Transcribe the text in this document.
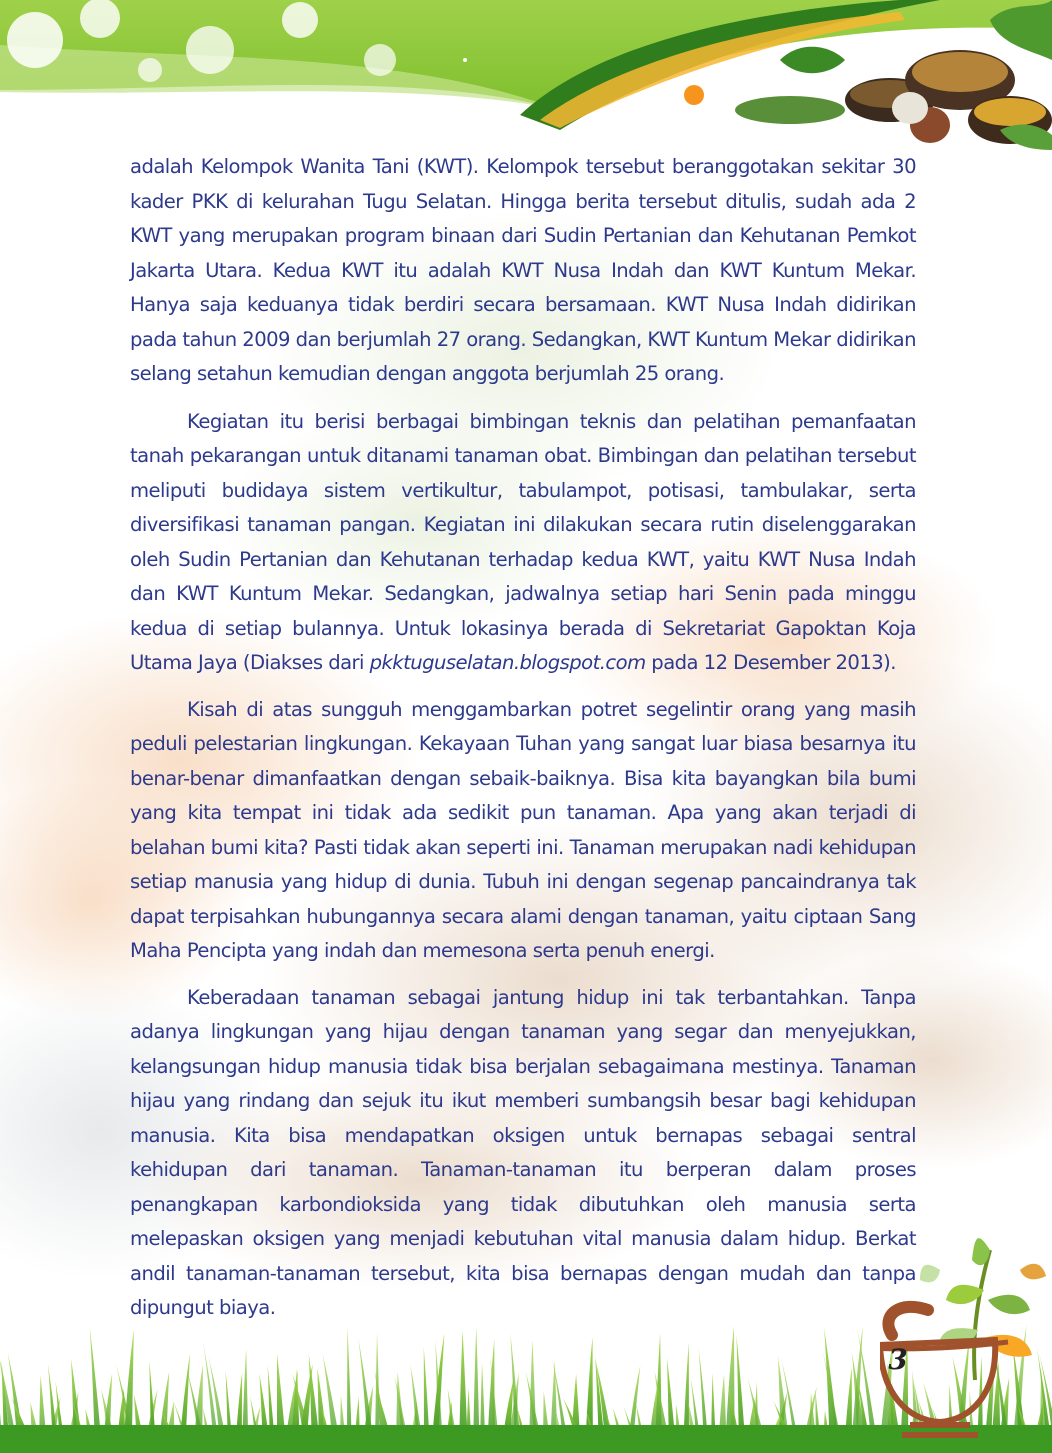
adalah Kelompok Wanita Tani (KWT). Kelompok tersebut beranggotakan sekitar 30 kader PKK di kelurahan Tugu Selatan. Hingga berita tersebut ditulis, sudah ada 2 KWT yang merupakan program binaan dari Sudin Pertanian dan Kehutanan Pemkot Jakarta Utara. Kedua KWT itu adalah KWT Nusa Indah dan KWT Kuntum Mekar. Hanya saja keduanya tidak berdiri secara bersamaan. KWT Nusa Indah didirikan pada tahun 2009 dan berjumlah 27 orang. Sedangkan, KWT Kuntum Mekar didirikan selang setahun kemudian dengan anggota berjumlah 25 orang.

Kegiatan itu berisi berbagai bimbingan teknis dan pelatihan pemanfaatan tanah pekarangan untuk ditanami tanaman obat. Bimbingan dan pelatihan tersebut meliputi budidaya sistem vertikultur, tabulampot, potisasi, tambulakar, serta diversifikasi tanaman pangan. Kegiatan ini dilakukan secara rutin diselenggarakan oleh Sudin Pertanian dan Kehutanan terhadap kedua KWT, yaitu KWT Nusa Indah dan KWT Kuntum Mekar. Sedangkan, jadwalnya setiap hari Senin pada minggu kedua di setiap bulannya. Untuk lokasinya berada di Sekretariat Gapoktan Koja Utama Jaya (Diakses dari pkktuguselatan.blogspot.com pada 12 Desember 2013).

Kisah di atas sungguh menggambarkan potret segelintir orang yang masih peduli pelestarian lingkungan. Kekayaan Tuhan yang sangat luar biasa besarnya itu benar-benar dimanfaatkan dengan sebaik-baiknya. Bisa kita bayangkan bila bumi yang kita tempat ini tidak ada sedikit pun tanaman. Apa yang akan terjadi di belahan bumi kita? Pasti tidak akan seperti ini. Tanaman merupakan nadi kehidupan setiap manusia yang hidup di dunia. Tubuh ini dengan segenap pancaindranya tak dapat terpisahkan hubungannya secara alami dengan tanaman, yaitu ciptaan Sang Maha Pencipta yang indah dan memesona serta penuh energi.

Keberadaan tanaman sebagai jantung hidup ini tak terbantahkan. Tanpa adanya lingkungan yang hijau dengan tanaman yang segar dan menyejukkan, kelangsungan hidup manusia tidak bisa berjalan sebagaimana mestinya. Tanaman hijau yang rindang dan sejuk itu ikut memberi sumbangsih besar bagi kehidupan manusia. Kita bisa mendapatkan oksigen untuk bernapas sebagai sentral kehidupan dari tanaman. Tanaman-tanaman itu berperan dalam proses penangkapan karbondioksida yang tidak dibutuhkan oleh manusia serta melepaskan oksigen yang menjadi kebutuhan vital manusia dalam hidup. Berkat andil tanaman-tanaman tersebut, kita bisa bernapas dengan mudah dan tanpa dipungut biaya.

3
